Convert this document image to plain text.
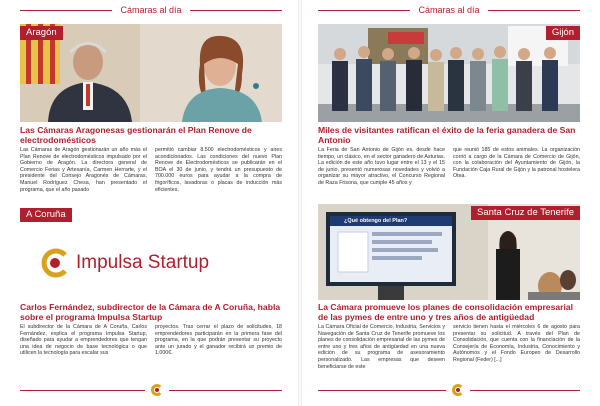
Cámaras al día
Aragón
Las Cámaras Aragonesas gestionarán el Plan Renove de electrodomésticos

Las Cámaras de Aragón gestionarán un año más el Plan Renove de electrodomésticos impulsado por el Gobierno de Aragón. La directora general de Comercio Ferias y Artesanía, Carmen Herrarte, y el presidente del Consejo Aragonés de Cámaras, Manuel Rodríguez Chesa, han presentado el programa, que el año pasado

permitió cambiar 8.500 electrodomésticos y aires acondicionados. Las condiciones del nuevo Plan Renove de Electrodomésticos se publicarán en el BOA el 30 de junio, y tendrá un presupuesto de 700.000 euros para ayudar a la compra de frigoríficos, lavadoras o placas de inducción más eficientes.

A Coruña
Impulsa Startup
Carlos Fernández, subdirector de la Cámara de A Coruña, habla sobre el programa Impulsa Startup

El subdirector de la Cámara de A Coruña, Carlos Fernández, explica el programa Impulsa Startup, diseñado para ayudar a emprendedores que tengan una idea de negocio de base tecnológica o que utilicen la tecnología para escalar sus

proyectos. Tras cerrar el plazo de solicitudes, 18 emprendedores participarán en la primera fase del programa, en la que podrán presentar su proyecto ante un jurado y el ganador recibirá un premio de 1.000€.

Cámaras al día
Gijón
Miles de visitantes ratifican el éxito de la feria ganadera de San Antonio

La Feria de San Antonio de Gijón es, desde hace tiempo, un clásico, en el sector ganadero de Asturias. La edición de este año tuvo lugar entre el 13 y el 15 de junio, presentó numerosas novedades y volvió a organizar su mayor atractivo, el Concurso Regional de Raza Frisona, que cumple 45 años y

que reunió 185 de estos animales. La organización corrió a cargo de la Cámara de Comercio de Gijón, con la colaboración del Ayuntamiento de Gijón, la Fundación Caja Rural de Gijón y la patronal hostelera Otea.

¿Qué obtengo del Plan?
Santa Cruz de Tenerife
La Cámara promueve los planes de consolidación empresarial de las pymes de entre uno y tres años de antigüedad

La Cámara Oficial de Comercio, Industria, Servicios y Navegación de Santa Cruz de Tenerife promueve los planes de consolidación empresarial de las pymes de entre uno y tres años de antigüedad en una nueva edición de su programa de asesoramiento personalizado. Las empresas que deseen beneficiarse de este

servicio tienen hasta el miércoles 6 de agosto para presentar su solicitud. A través del Plan de Consolidación, que cuenta con la financiación de la Consejería de Economía, Industria, Conocimiento y Autónomos y el Fondo Europeo de Desarrollo Regional (Feder) [...]
